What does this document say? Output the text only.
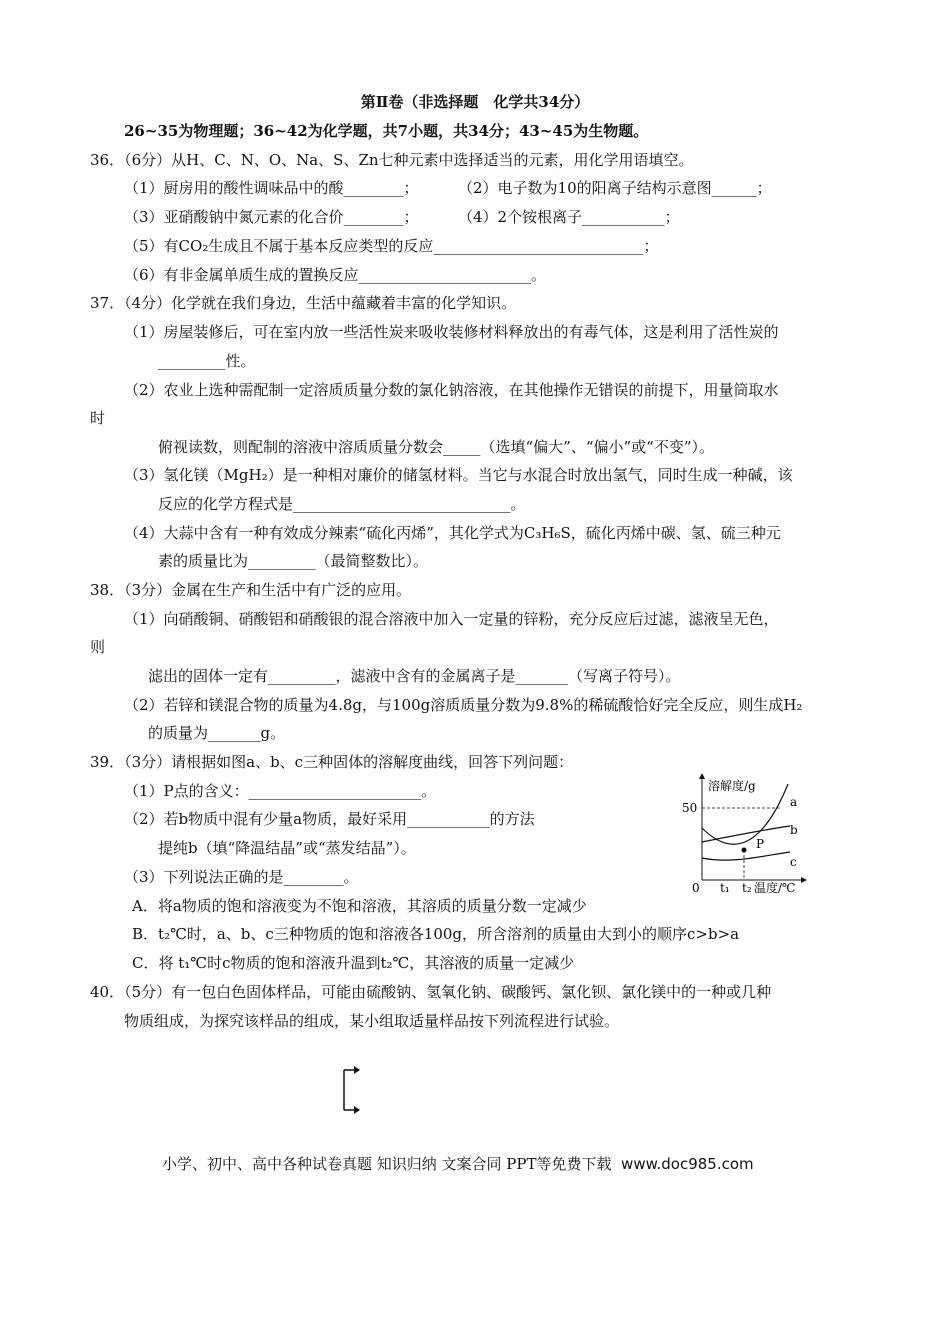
第Ⅱ卷（非选择题　化学共34分）
26~35为物理题；36~42为化学题，共7小题，共34分；43~45为生物题。
36．（6分）从H、C、N、O、Na、S、Zn七种元素中选择适当的元素，用化学用语填空。
（1）厨房用的酸性调味品中的酸________；	（2）电子数为10的阳离子结构示意图______；
（3）亚硝酸钠中氮元素的化合价________；	（4）2个铵根离子___________；
（5）有CO₂生成且不属于基本反应类型的反应____________________________；
（6）有非金属单质生成的置换反应_______________________。
37．（4分）化学就在我们身边，生活中蕴藏着丰富的化学知识。
（1）房屋装修后，可在室内放一些活性炭来吸收装修材料释放出的有毒气体，这是利用了活性炭的
_________性。
（2）农业上选种需配制一定溶质质量分数的氯化钠溶液，在其他操作无错误的前提下，用量筒取水
时
俯视读数，则配制的溶液中溶质质量分数会_____（选填“偏大”、“偏小”或“不变”）。
（3）氢化镁（MgH₂）是一种相对廉价的储氢材料。当它与水混合时放出氢气，同时生成一种碱，该
反应的化学方程式是_____________________________。
（4）大蒜中含有一种有效成分辣素“硫化丙烯”，其化学式为C₃H₆S，硫化丙烯中碳、氢、硫三种元
素的质量比为_________（最简整数比）。
38．（3分）金属在生产和生活中有广泛的应用。
（1）向硝酸铜、硝酸铝和硝酸银的混合溶液中加入一定量的锌粉，充分反应后过滤，滤液呈无色，
则
滤出的固体一定有_________，滤液中含有的金属离子是_______（写离子符号）。
（2）若锌和镁混合物的质量为4.8g，与100g溶质质量分数为9.8%的稀硫酸恰好完全反应，则生成H₂
的质量为_______g。
39．（3分）请根据如图a、b、c三种固体的溶解度曲线，回答下列问题：
（1）P点的含义：_______________________。
（2）若b物质中混有少量a物质，最好采用___________的方法
提纯b（填“降温结晶”或“蒸发结晶”）。
（3）下列说法正确的是________。
A．将a物质的饱和溶液变为不饱和溶液，其溶质的质量分数一定减少
B．t₂℃时，a、b、c三种物质的饱和溶液各100g，所含溶剂的质量由大到小的顺序c>b>a
C．将 t₁℃时c物质的饱和溶液升温到t₂℃，其溶液的质量一定减少
溶解度/g
50
0 t₁ t₂ 温度/℃
P
a
b
c
40．（5分）有一包白色固体样品，可能由硫酸钠、氢氧化钠、碳酸钙、氯化钡、氯化镁中的一种或几种
物质组成，为探究该样品的组成，某小组取适量样品按下列流程进行试验。
小学、初中、高中各种试卷真题 知识归纳 文案合同 PPT等免费下载 www.doc985.com
